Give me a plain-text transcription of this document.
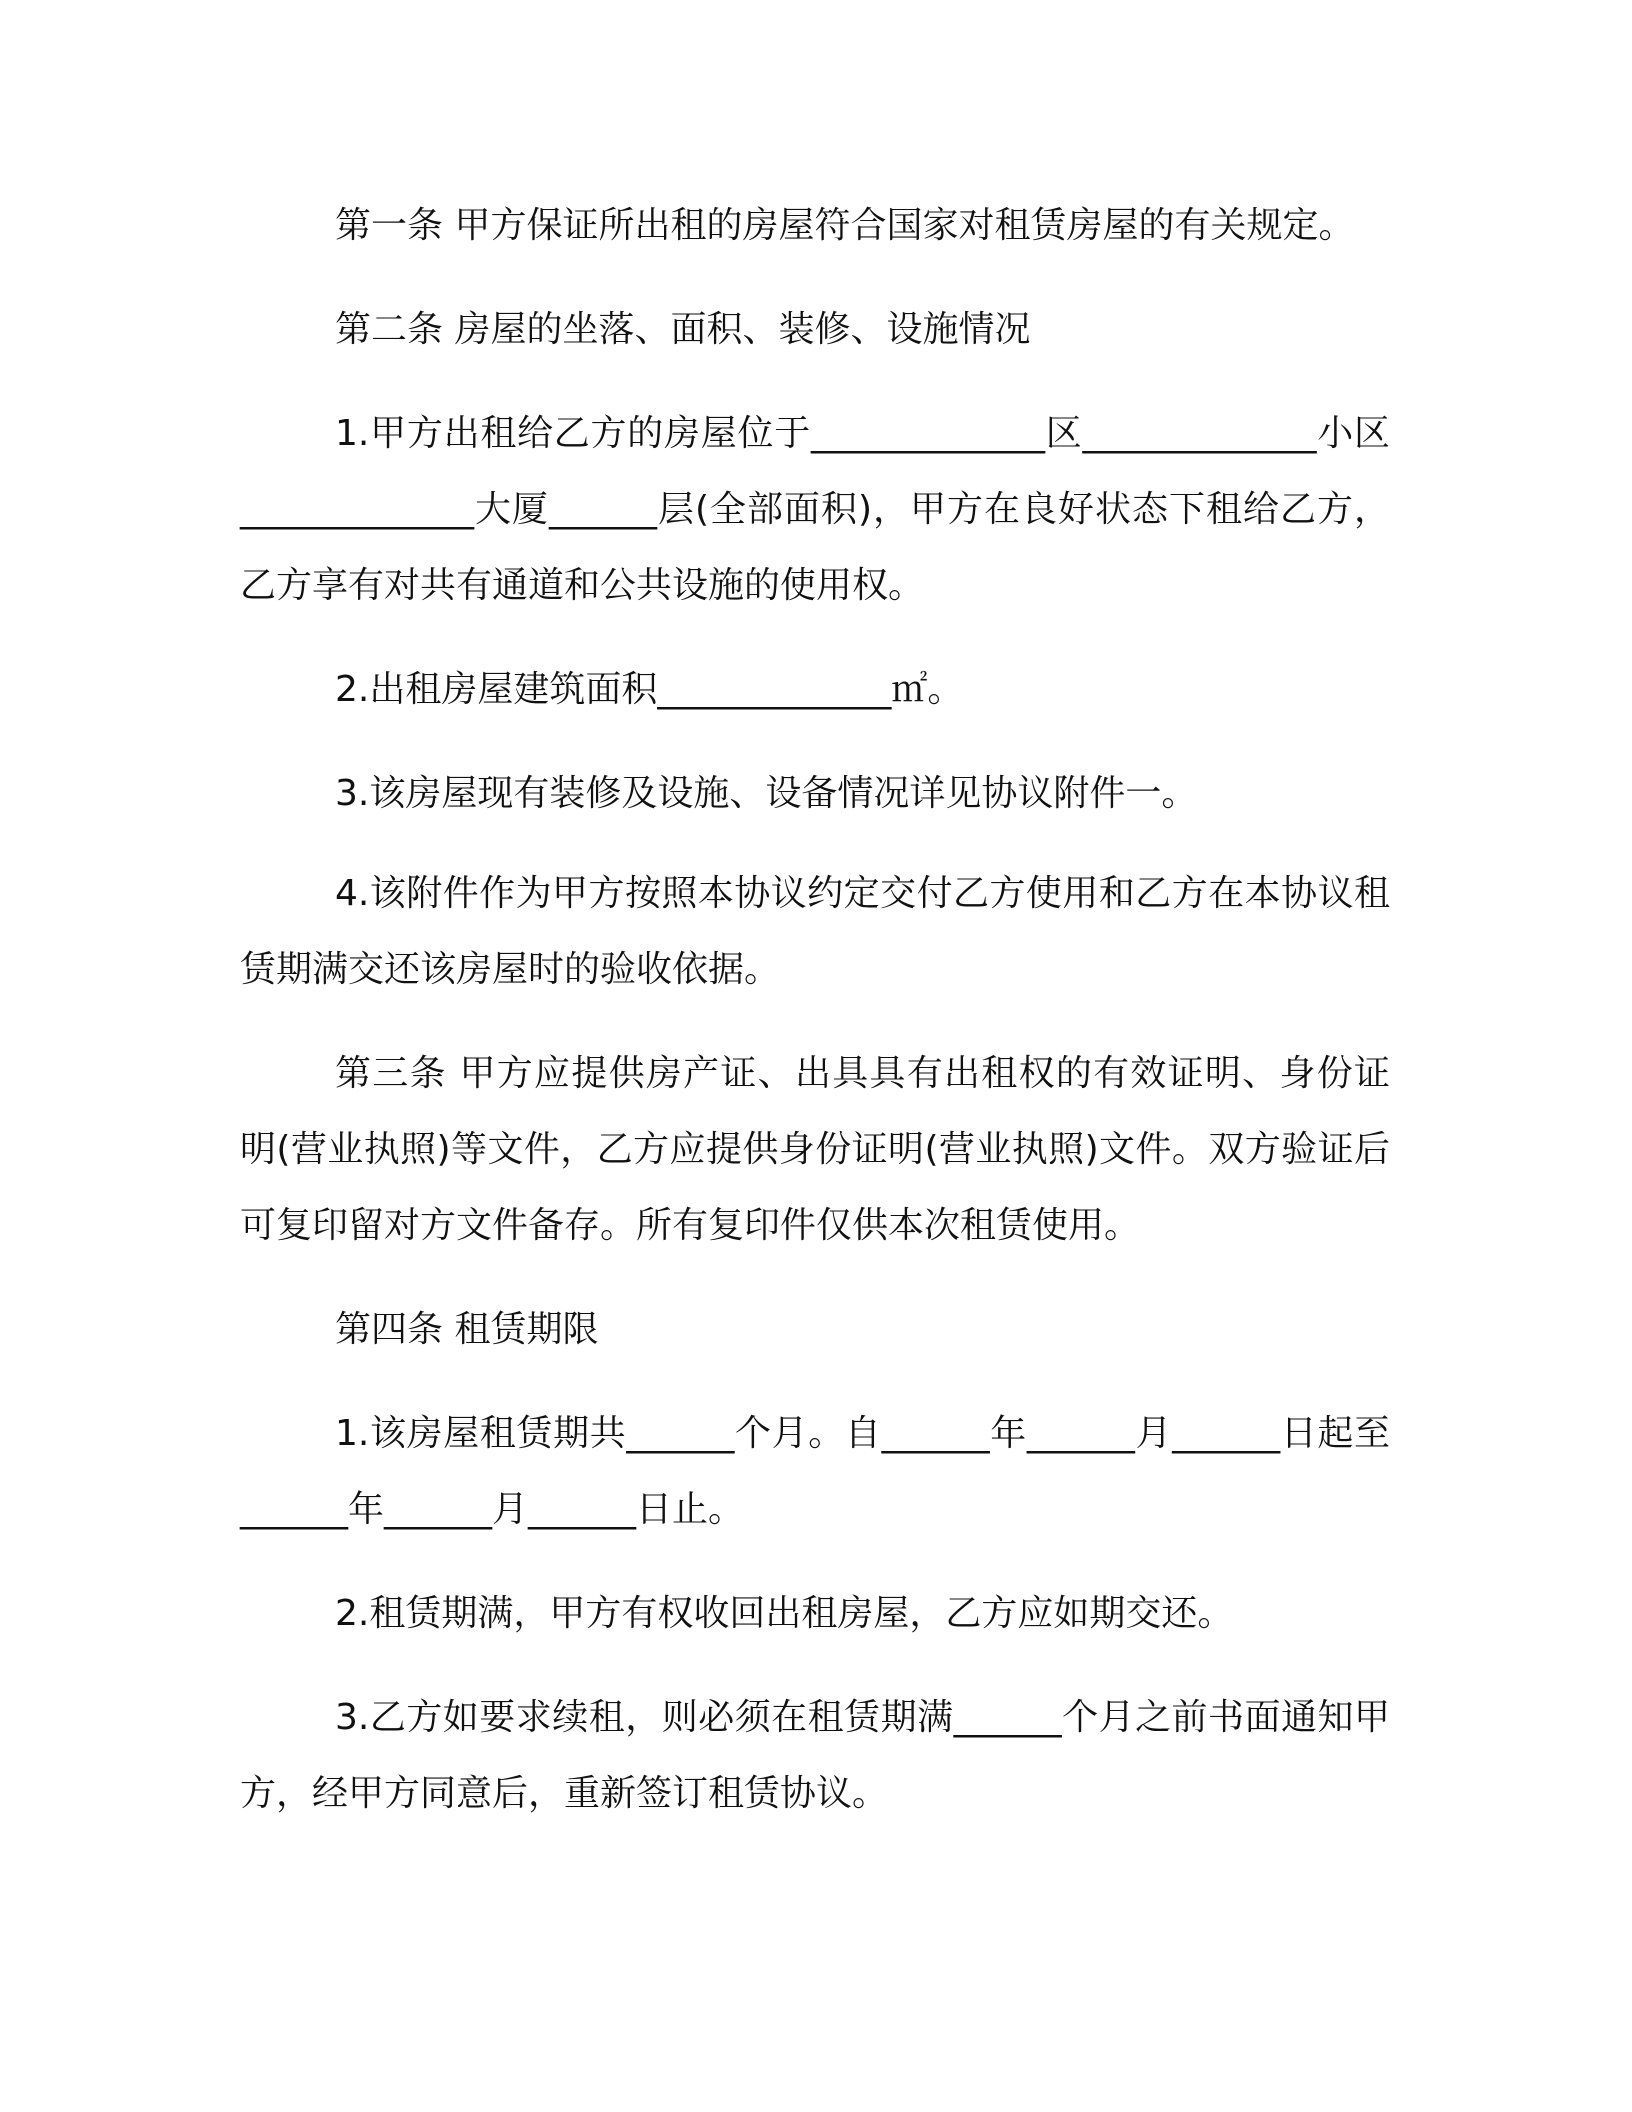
第一条 甲方保证所出租的房屋符合国家对租赁房屋的有关规定。

第二条 房屋的坐落、面积、装修、设施情况

1.甲方出租给乙方的房屋位于_____________区_____________小区_____________大厦______层(全部面积)，甲方在良好状态下租给乙方，乙方享有对共有通道和公共设施的使用权。

2.出租房屋建筑面积_____________㎡。

3.该房屋现有装修及设施、设备情况详见协议附件一。

4.该附件作为甲方按照本协议约定交付乙方使用和乙方在本协议租赁期满交还该房屋时的验收依据。

第三条 甲方应提供房产证、出具具有出租权的有效证明、身份证明(营业执照)等文件，乙方应提供身份证明(营业执照)文件。双方验证后可复印留对方文件备存。所有复印件仅供本次租赁使用。

第四条 租赁期限

1.该房屋租赁期共______个月。自______年______月______日起至______年______月______日止。

2.租赁期满，甲方有权收回出租房屋，乙方应如期交还。

3.乙方如要求续租，则必须在租赁期满______个月之前书面通知甲方，经甲方同意后，重新签订租赁协议。
